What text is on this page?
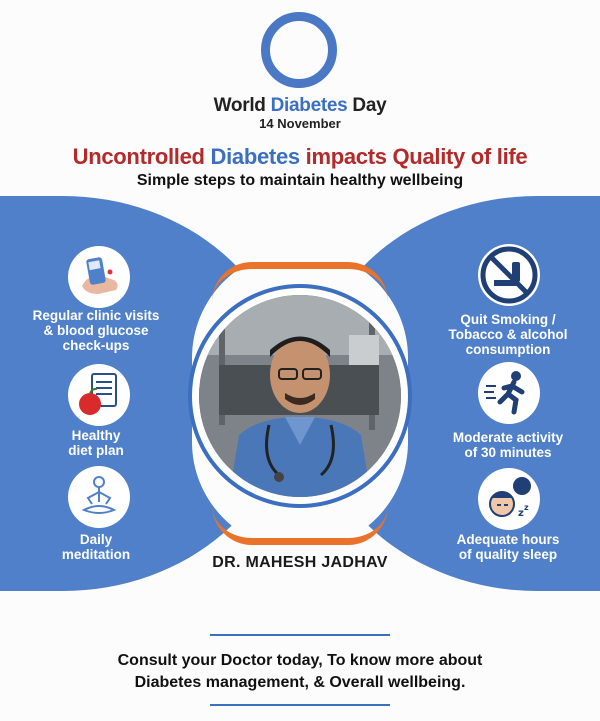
World Diabetes Day
14 November
Uncontrolled Diabetes impacts Quality of life
Simple steps to maintain healthy wellbeing
DR. MAHESH JADHAV
Regular clinic visits
& blood glucose
check-ups
Healthy
diet plan
Daily
meditation
Quit Smoking /
Tobacco & alcohol
consumption
Moderate activity
of 30 minutes
z
z
Adequate hours
of quality sleep
Consult your Doctor today, To know more about
Diabetes management, & Overall wellbeing.
